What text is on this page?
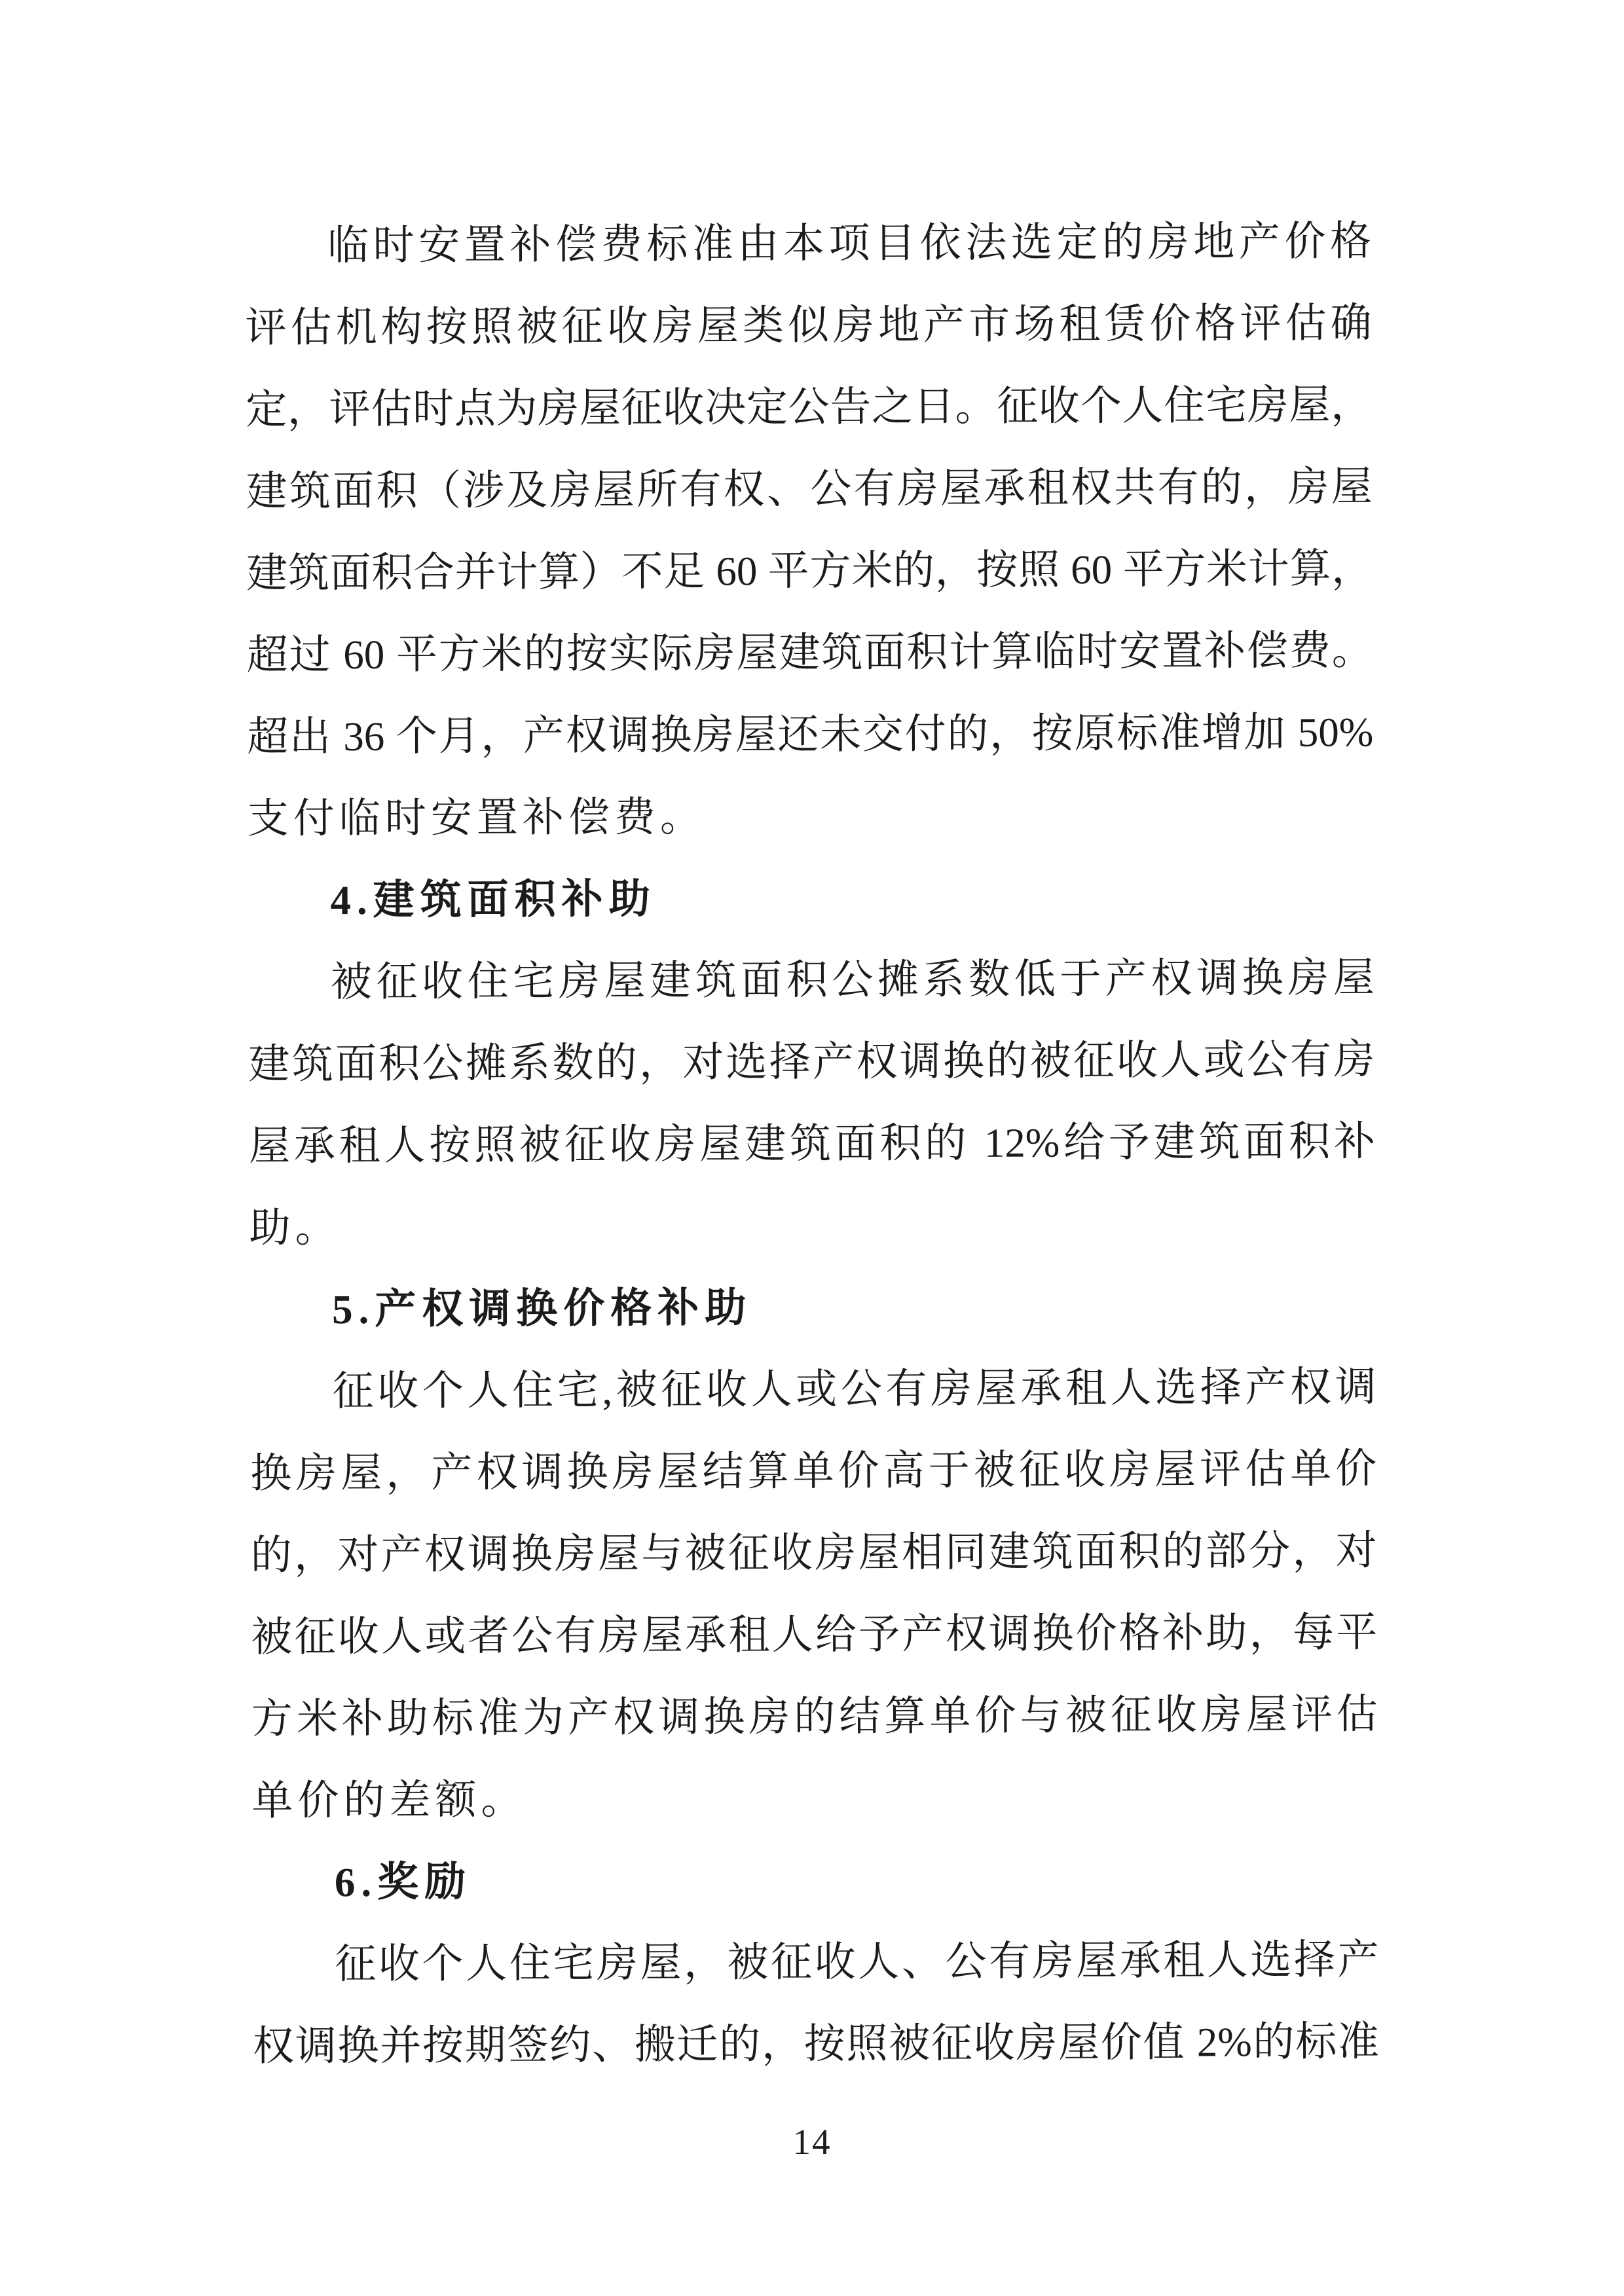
临时安置补偿费标准由本项目依法选定的房地产价格
评估机构按照被征收房屋类似房地产市场租赁价格评估确
定，评估时点为房屋征收决定公告之日。征收个人住宅房屋，
建筑面积（涉及房屋所有权、公有房屋承租权共有的，房屋
建筑面积合并计算）不足 60 平方米的，按照 60 平方米计算，
超过 60 平方米的按实际房屋建筑面积计算临时安置补偿费。
超出 36 个月，产权调换房屋还未交付的，按原标准增加 50%
支付临时安置补偿费。
4.建筑面积补助
被征收住宅房屋建筑面积公摊系数低于产权调换房屋
建筑面积公摊系数的，对选择产权调换的被征收人或公有房
屋承租人按照被征收房屋建筑面积的 12%给予建筑面积补
助。
5.产权调换价格补助
征收个人住宅,被征收人或公有房屋承租人选择产权调
换房屋，产权调换房屋结算单价高于被征收房屋评估单价
的，对产权调换房屋与被征收房屋相同建筑面积的部分，对
被征收人或者公有房屋承租人给予产权调换价格补助，每平
方米补助标准为产权调换房的结算单价与被征收房屋评估
单价的差额。
6.奖励
征收个人住宅房屋，被征收人、公有房屋承租人选择产
权调换并按期签约、搬迁的，按照被征收房屋价值 2%的标准
14
